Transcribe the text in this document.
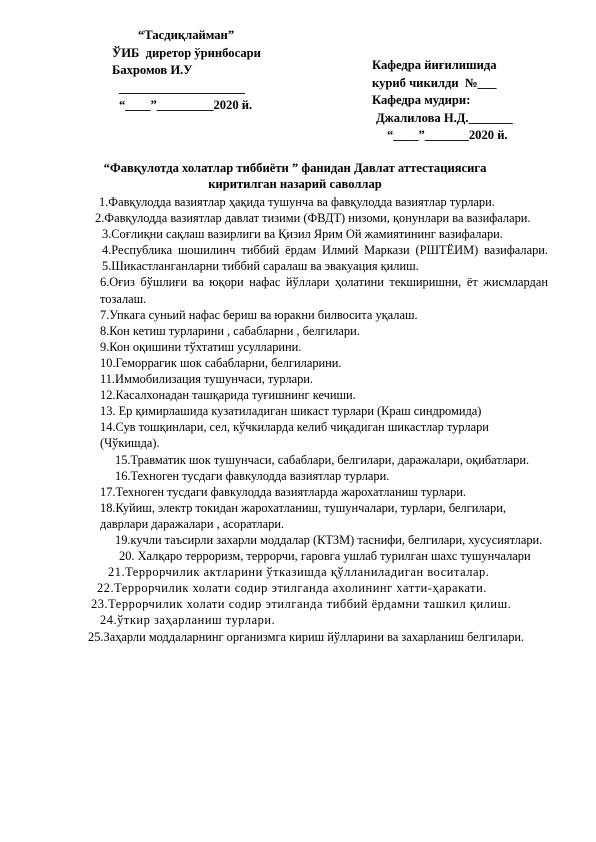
“Тасдиқлайман”
ЎИБ  диретор ўринбосари
Бахромов И.У
____________________
“____”_________2020 й.
Кафедра йиғилишида
куриб чикилди  №___
Кафедра мудири:
Джалилова Н.Д._______
“____”_______2020 й.
“Фавқулотда холатлар тиббиёти ” фанидан Давлат аттестациясига
киритилган назарий саволлар

1.Фавқулодда вазиятлар ҳақида тушунча ва фавқулодда вазиятлар турлари.

2.Фавқулодда вазиятлар давлат тизими (ФВДТ) низоми, қонунлари ва вазифалари.

3.Соғлиқни сақлаш вазирлиги ва Қизил Ярим Ой жамиятининг вазифалари.

4.Республика шошилинч тиббий ёрдам Илмий Маркази (РШТЁИМ) вазифалари. 5.Шикастланганларни тиббий саралаш ва эвакуация қилиш.

6.Оғиз бўшлиғи ва юқори нафас йўллари ҳолатини текширишни, ёт жисмлардан тозалаш.

7.Упкага суньий нафас бериш ва юракни билвосита уқалаш.

8.Кон кетиш турларини , сабабларни , белгилари.

9.Кон оқишини тўхтатиш усулларини.

10.Геморрагик шок сабабларни, белгиларини.

11.Иммобилизация тушунчаси, турлари.

12.Касалхонадан ташқарида туғишнинг кечиши.

13. Ер қимирлашида кузатиладиган шикаст турлари (Краш синдромида)

14.Сув тошқинлари, сел, кўчкиларда келиб чиқадиган шикастлар турлари (Чўкишда).

15.Травматик шок тушунчаси, сабаблари, белгилари, даражалари, оқибатлари.

16.Техноген тусдаги фавкулодда вазиятлар турлари.

17.Техноген тусдаги фавкулодда вазиятларда жарохатланиш турлари.

18.Куйиш, электр токидан жарохатланиш, тушунчалари, турлари, белгилари, даврлари даражалари , асоратлари.

19.кучли таъсирли захарли моддалар (КТЗМ) таснифи, белгилари, хусусиятлари.

20. Халқаро терроризм, террорчи, гаровга ушлаб турилган шахс тушунчалари

21.Террорчилик актларини ўтказишда қўлланиладиган воситалар.

22.Террорчилик холати содир этилганда ахолининг хатти-ҳаракати.

23.Террорчилик холати содир этилганда тиббий ёрдамни ташкил қилиш.

24.ўткир заҳарланиш турлари.

25.Заҳарли моддаларнинг организмга кириш йўлларини ва захарланиш белгилари.
